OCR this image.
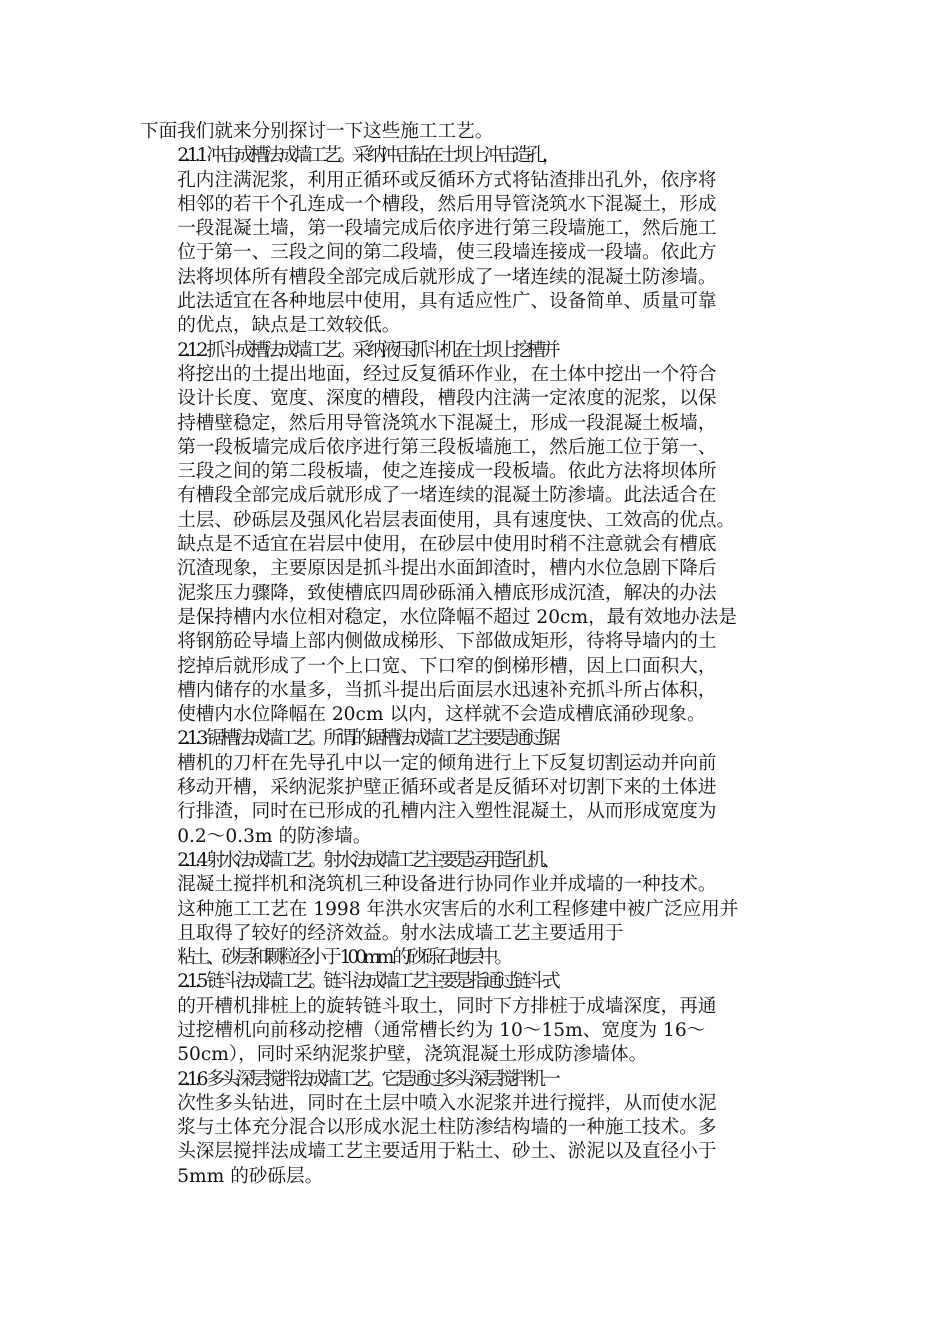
下面我们就来分别探讨一下这些施工工艺。

2.1.1 冲击成槽法成墙工艺。采纳冲击钻在土坝上冲击造孔，
孔内注满泥浆，利用正循环或反循环方式将钻渣排出孔外，依序将
相邻的若干个孔连成一个槽段，然后用导管浇筑水下混凝土，形成
一段混凝土墙，第一段墙完成后依序进行第三段墙施工，然后施工
位于第一、三段之间的第二段墙，使三段墙连接成一段墙。依此方
法将坝体所有槽段全部完成后就形成了一堵连续的混凝土防渗墙。
此法适宜在各种地层中使用，具有适应性广、设备简单、质量可靠
的优点，缺点是工效较低。

2.1.2 抓斗成槽法成墙工艺。采纳液压抓斗机在土坝上挖槽并
将挖出的土提出地面，经过反复循环作业，在土体中挖出一个符合
设计长度、宽度、深度的槽段，槽段内注满一定浓度的泥浆，以保
持槽壁稳定，然后用导管浇筑水下混凝土，形成一段混凝土板墙，
第一段板墙完成后依序进行第三段板墙施工，然后施工位于第一、
三段之间的第二段板墙，使之连接成一段板墙。依此方法将坝体所
有槽段全部完成后就形成了一堵连续的混凝土防渗墙。此法适合在
土层、砂砾层及强风化岩层表面使用，具有速度快、工效高的优点。
缺点是不适宜在岩层中使用，在砂层中使用时稍不注意就会有槽底
沉渣现象，主要原因是抓斗提出水面卸渣时，槽内水位急剧下降后
泥浆压力骤降，致使槽底四周砂砾涌入槽底形成沉渣，解决的办法
是保持槽内水位相对稳定，水位降幅不超过 20cm，最有效地办法是
将钢筋砼导墙上部内侧做成梯形、下部做成矩形，待将导墙内的土
挖掉后就形成了一个上口宽、下口窄的倒梯形槽，因上口面积大，
槽内储存的水量多，当抓斗提出后面层水迅速补充抓斗所占体积，
使槽内水位降幅在 20cm 以内，这样就不会造成槽底涌砂现象。

2.1.3 锯槽法成墙工艺。所谓的锯槽法成墙工艺主要是通过锯
槽机的刀杆在先导孔中以一定的倾角进行上下反复切割运动并向前
移动开槽，采纳泥浆护壁正循环或者是反循环对切割下来的土体进
行排渣，同时在已形成的孔槽内注入塑性混凝土，从而形成宽度为
0.2～0.3m 的防渗墙。

2.1.4 射水法成墙工艺。射水法成墙工艺主要是运用造孔机、
混凝土搅拌机和浇筑机三种设备进行协同作业并成墙的一种技术。
这种施工工艺在 1998 年洪水灾害后的水利工程修建中被广泛应用并
且取得了较好的经济效益。射水法成墙工艺主要适用于

粘土、砂层和颗粒径小于 100mm 的砂砾石地层中。

2.1.5 链斗法成墙工艺。链斗法成墙工艺主要是指通过链斗式
的开槽机排桩上的旋转链斗取土，同时下方排桩于成墙深度，再通
过挖槽机向前移动挖槽（通常槽长约为 10～15m、宽度为 16～
50cm），同时采纳泥浆护壁，浇筑混凝土形成防渗墙体。

2.1.6 多头深层搅拌法成墙工艺。它是通过多头深层搅拌机一
次性多头钻进，同时在土层中喷入水泥浆并进行搅拌，从而使水泥
浆与土体充分混合以形成水泥土柱防渗结构墙的一种施工技术。多
头深层搅拌法成墙工艺主要适用于粘土、砂土、淤泥以及直径小于
5mm 的砂砾层。
